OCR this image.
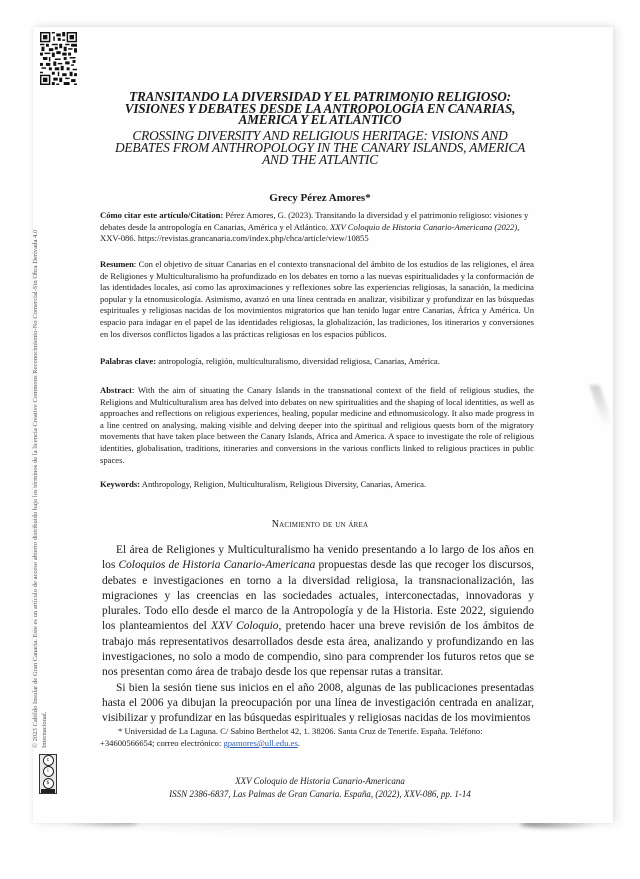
TRANSITANDO LA DIVERSIDAD Y EL PATRIMONIO RELIGIOSO:
VISIONES Y DEBATES DESDE LA ANTROPOLOGÍA EN CANARIAS,
AMÉRICA Y EL ATLÁNTICO
CROSSING DIVERSITY AND RELIGIOUS HERITAGE: VISIONS AND
DEBATES FROM ANTHROPOLOGY IN THE CANARY ISLANDS, AMERICA
AND THE ATLANTIC
Grecy Pérez Amores*
Cómo citar este artículo/Citation: Pérez Amores, G. (2023). Transitando la diversidad y el patrimonio religioso: visiones y debates desde la antropología en Canarias, América y el Atlántico. XXV Coloquio de Historia Canario-Americana (2022), XXV-086. https://revistas.grancanaria.com/index.php/chca/article/view/10855
Resumen: Con el objetivo de situar Canarias en el contexto transnacional del ámbito de los estudios de las religiones, el área de Religiones y Multiculturalismo ha profundizado en los debates en torno a las nuevas espiritualidades y la conformación de las identidades locales, así como las aproximaciones y reflexiones sobre las experiencias religiosas, la sanación, la medicina popular y la etnomusicología. Asimismo, avanzó en una línea centrada en analizar, visibilizar y profundizar en las búsquedas espirituales y religiosas nacidas de los movimientos migratorios que han tenido lugar entre Canarias, África y América. Un espacio para indagar en el papel de las identidades religiosas, la globalización, las tradiciones, los itinerarios y conversiones en los diversos conflictos ligados a las prácticas religiosas en los espacios públicos.
Palabras clave: antropología, religión, multiculturalismo, diversidad religiosa, Canarias, América.
Abstract: With the aim of situating the Canary Islands in the transnational context of the field of religious studies, the Religions and Multiculturalism area has delved into debates on new spiritualities and the shaping of local identities, as well as approaches and reflections on religious experiences, healing, popular medicine and ethnomusicology. It also made progress in a line centred on analysing, making visible and delving deeper into the spiritual and religious quests born of the migratory movements that have taken place between the Canary Islands, Africa and America. A space to investigate the role of religious identities, globalisation, traditions, itineraries and conversions in the various conflicts linked to religious practices in public spaces.
Keywords: Anthropology, Religion, Multiculturalism, Religious Diversity, Canarias, America.
Nacimiento de un área

El área de Religiones y Multiculturalismo ha venido presentando a lo largo de los años en los Coloquios de Historia Canario-Americana propuestas desde las que recoger los discursos, debates e investigaciones en torno a la diversidad religiosa, la transnacionalización, las migraciones y las creencias en las sociedades actuales, interconectadas, innovadoras y plurales. Todo ello desde el marco de la Antropología y de la Historia. Este 2022, siguiendo los planteamientos del XXV Coloquio, pretendo hacer una breve revisión de los ámbitos de trabajo más representativos desarrollados desde esta área, analizando y profundizando en las investigaciones, no solo a modo de compendio, sino para comprender los futuros retos que se nos presentan como área de trabajo desde los que repensar rutas a transitar.

Si bien la sesión tiene sus inicios en el año 2008, algunas de las publicaciones presentadas hasta el 2006 ya dibujan la preocupación por una línea de investigación centrada en analizar, visibilizar y profundizar en las búsquedas espirituales y religiosas nacidas de los movimientos

* Universidad de La Laguna. C/ Sabino Berthelot 42, 1. 38206. Santa Cruz de Tenerife. España. Teléfono: +34600566654; correo electrónico: gpamores@ull.edu.es.
XXV Coloquio de Historia Canario-Americana
ISSN 2386-6837, Las Palmas de Gran Canaria. España, (2022), XXV-086, pp. 1-14
© 2023 Cabildo Insular de Gran Canaria. Este es un artículo de acceso abierto distribuido bajo los términos de la licencia Creative Commons Reconocimiento-No Comercial-Sin Obra Derivada 4.0 Internacional.
c
i
$
